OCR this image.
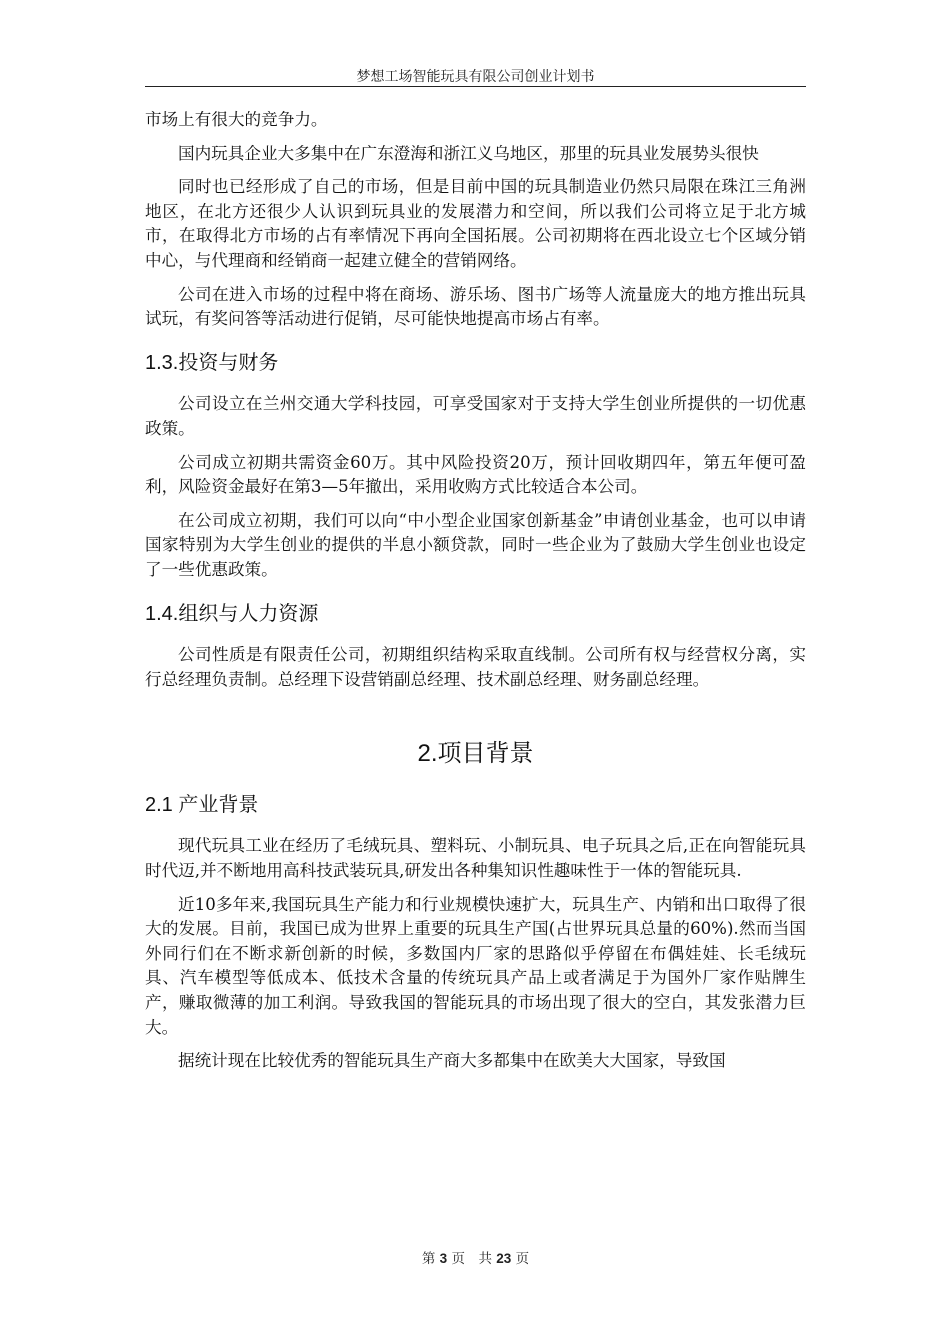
梦想工场智能玩具有限公司创业计划书

市场上有很大的竞争力。

国内玩具企业大多集中在广东澄海和浙江义乌地区，那里的玩具业发展势头很快

同时也已经形成了自己的市场，但是目前中国的玩具制造业仍然只局限在珠江三角洲地区，在北方还很少人认识到玩具业的发展潜力和空间，所以我们公司将立足于北方城市，在取得北方市场的占有率情况下再向全国拓展。公司初期将在西北设立七个区域分销中心，与代理商和经销商一起建立健全的营销网络。

公司在进入市场的过程中将在商场、游乐场、图书广场等人流量庞大的地方推出玩具试玩，有奖问答等活动进行促销，尽可能快地提高市场占有率。

1.3.投资与财务

公司设立在兰州交通大学科技园，可享受国家对于支持大学生创业所提供的一切优惠政策。

公司成立初期共需资金60万。其中风险投资20万，预计回收期四年，第五年便可盈利，风险资金最好在第3—5年撤出，采用收购方式比较适合本公司。

在公司成立初期，我们可以向“中小型企业国家创新基金”申请创业基金，也可以申请国家特别为大学生创业的提供的半息小额贷款，同时一些企业为了鼓励大学生创业也设定了一些优惠政策。

1.4.组织与人力资源

公司性质是有限责任公司，初期组织结构采取直线制。公司所有权与经营权分离，实行总经理负责制。总经理下设营销副总经理、技术副总经理、财务副总经理。

2.项目背景
2.1 产业背景

现代玩具工业在经历了毛绒玩具、塑料玩、小制玩具、电子玩具之后,正在向智能玩具时代迈,并不断地用高科技武装玩具,研发出各种集知识性趣味性于一体的智能玩具.

近10多年来,我国玩具生产能力和行业规模快速扩大，玩具生产、内销和出口取得了很大的发展。目前，我国已成为世界上重要的玩具生产国(占世界玩具总量的60%).然而当国外同行们在不断求新创新的时候，多数国内厂家的思路似乎停留在布偶娃娃、长毛绒玩具、汽车模型等低成本、低技术含量的传统玩具产品上或者满足于为国外厂家作贴牌生产，赚取微薄的加工利润。导致我国的智能玩具的市场出现了很大的空白，其发张潜力巨大。

据统计现在比较优秀的智能玩具生产商大多都集中在欧美大大国家，导致国

第 3 页　共 23 页
